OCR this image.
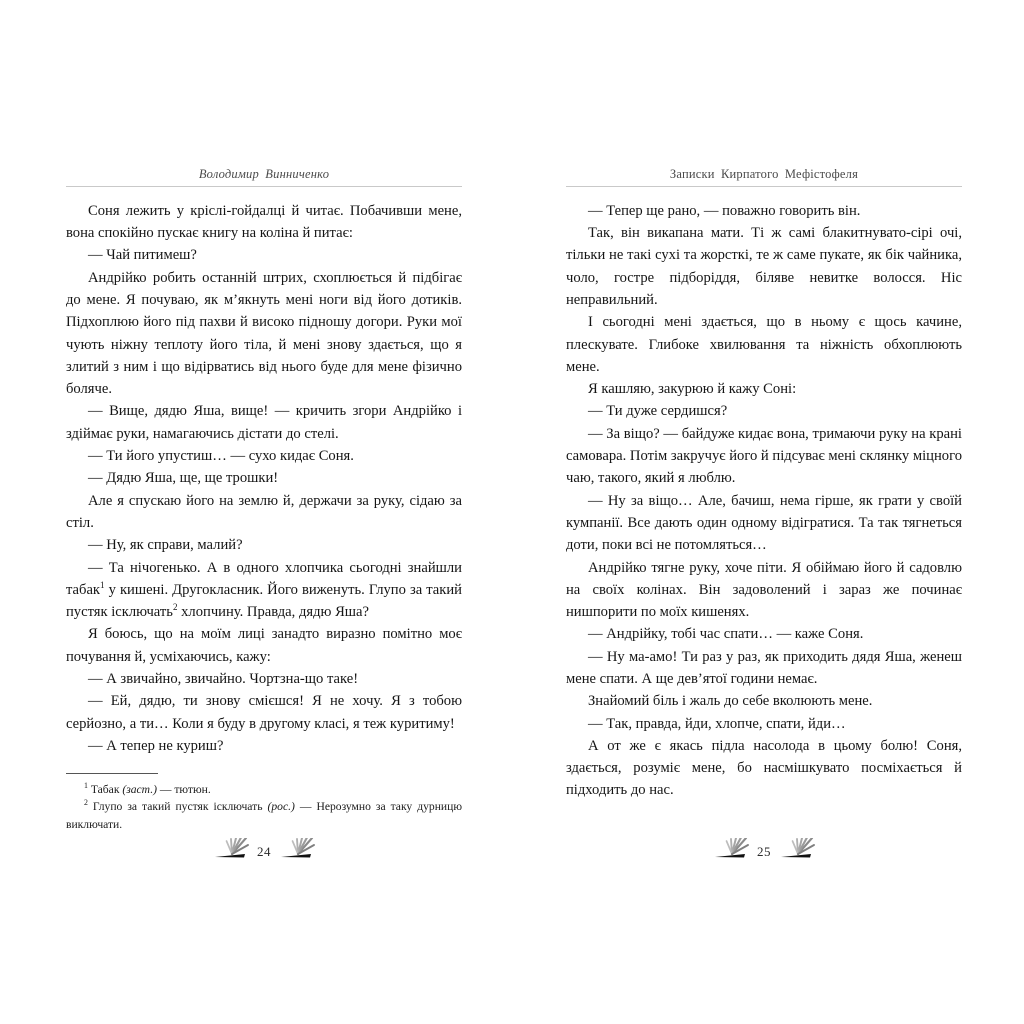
Володимир Винниченко

Соня лежить у кріслі-гойдалці й читає. Побачивши мене, вона спокійно пускає книгу на коліна й питає:

— Чай питимеш?

Андрійко робить останній штрих, схоплюється й підбігає до мене. Я почуваю, як м’якнуть мені ноги від його дотиків. Підхоплюю його під пахви й високо підношу догори. Руки мої чують ніжну теплоту його тіла, й мені знову здається, що я злитий з ним і що відірватись від нього буде для мене фізично боляче.

— Вище, дядю Яша, вище! — кричить згори Андрійко і здіймає руки, намагаючись дістати до стелі.

— Ти його упустиш… — сухо кидає Соня.

— Дядю Яша, ще, ще трошки!

Але я спускаю його на землю й, держачи за руку, сідаю за стіл.

— Ну, як справи, малий?

— Та нічогенько. А в одного хлопчика сьогодні знайшли табак$^1$ у кишені. Другокласник. Його виженуть. Глупо за такий пустяк ісключать$^2$ хлопчину. Правда, дядю Яша?

Я боюсь, що на моїм лиці занадто виразно помітно моє почування й, усміхаючись, кажу:

— А звичайно, звичайно. Чортзна-що таке!

— Ей, дядю, ти знову смієшся! Я не хочу. Я з тобою серйозно, а ти… Коли я буду в другому класі, я теж куритиму!

— А тепер не куриш?

$^1$ Табак (заст.) — тютюн.

$^2$ Глупо за такий пустяк ісключать (рос.) — Нерозумно за таку дурницю виключати.

Записки Кирпатого Мефістофеля

— Тепер ще рано, — поважно говорить він.

Так, він викапана мати. Ті ж самі блакитнувато-сірі очі, тільки не такі сухі та жорсткі, те ж саме пукате, як бік чайника, чоло, гостре підборіддя, біляве невитке волосся. Ніс неправильний.

І сьогодні мені здається, що в ньому є щось качине, плескувате. Глибоке хвилювання та ніжність обхоплюють мене.

Я кашляю, закурюю й кажу Соні:

— Ти дуже сердишся?

— За віщо? — байдуже кидає вона, тримаючи руку на крані самовара. Потім закручує його й підсуває мені склянку міцного чаю, такого, який я люблю.

— Ну за віщо… Але, бачиш, нема гірше, як грати у своїй кумпанії. Все дають один одному відігратися. Та так тягнеться доти, поки всі не потомляться…

Андрійко тягне руку, хоче піти. Я обіймаю його й садовлю на своїх колінах. Він задоволений і зараз же починає нишпорити по моїх кишенях.

— Андрійку, тобі час спати… — каже Соня.

— Ну ма-амо! Ти раз у раз, як приходить дядя Яша, женеш мене спати. А ще дев’ятої години немає.

Знайомий біль і жаль до себе вколюють мене.

— Так, правда, йди, хлопче, спати, йди…

А от же є якась підла насолода в цьому болю! Соня, здається, розуміє мене, бо насмішкувато посміхається й підходить до нас.

24	25
